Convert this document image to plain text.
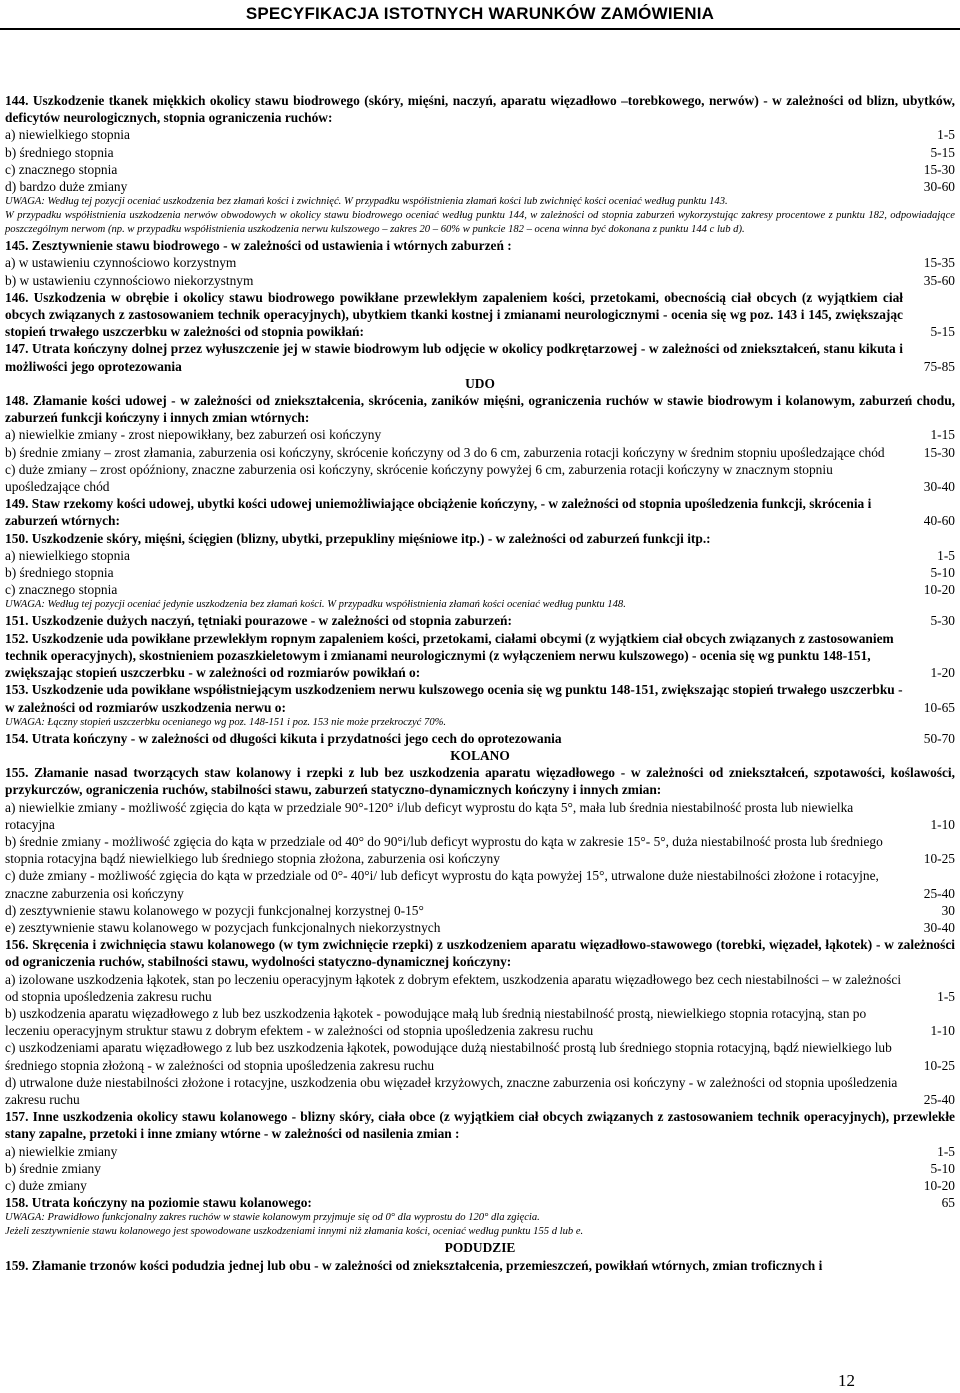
SPECYFIKACJA ISTOTNYCH WARUNKÓW ZAMÓWIENIA
144. Uszkodzenie tkanek miękkich okolicy stawu biodrowego (skóry, mięśni, naczyń, aparatu więzadłowo –torebkowego, nerwów) - w zależności od blizn, ubytków, deficytów neurologicznych, stopnia ograniczenia ruchów:
a) niewielkiego stopnia	1-5
b) średniego stopnia	5-15
c) znacznego stopnia	15-30
d) bardzo duże zmiany	30-60
UWAGA: Według tej pozycji oceniać uszkodzenia bez złamań kości i zwichnięć. W przypadku współistnienia złamań kości lub zwichnięć kości oceniać według punktu 143.
W przypadku współistnienia uszkodzenia nerwów obwodowych w okolicy stawu biodrowego oceniać według punktu 144, w zależności od stopnia zaburzeń wykorzystując zakresy procentowe z punktu 182, odpowiadające poszczególnym nerwom (np. w przypadku współistnienia uszkodzenia nerwu kulszowego – zakres 20 – 60% w punkcie 182 – ocena winna być dokonana z punktu 144 c lub d).
145. Zesztywnienie stawu biodrowego - w zależności od ustawienia i wtórnych zaburzeń :
a) w ustawieniu czynnościowo korzystnym	15-35
b) w ustawieniu czynnościowo niekorzystnym	35-60
146. Uszkodzenia w obrębie i okolicy stawu biodrowego powikłane przewlekłym zapaleniem kości, przetokami, obecnością ciał obcych (z wyjątkiem ciał obcych związanych z zastosowaniem technik operacyjnych), ubytkiem tkanki kostnej i zmianami neurologicznymi - ocenia się wg poz. 143 i 145, zwiększając stopień trwałego uszczerbku w zależności od stopnia powikłań:	5-15
147. Utrata kończyny dolnej przez wyłuszczenie jej w stawie biodrowym lub odjęcie w okolicy podkrętarzowej - w zależności od zniekształceń, stanu kikuta i możliwości jego oprotezowania	75-85
UDO
148. Złamanie kości udowej - w zależności od zniekształcenia, skrócenia, zaników mięśni, ograniczenia ruchów w stawie biodrowym i kolanowym, zaburzeń chodu, zaburzeń funkcji kończyny i innych zmian wtórnych:
a) niewielkie zmiany - zrost niepowikłany, bez zaburzeń osi kończyny	1-15
b) średnie zmiany – zrost złamania, zaburzenia osi kończyny, skrócenie kończyny od 3 do 6 cm, zaburzenia rotacji kończyny w średnim stopniu upośledzające chód	15-30
c) duże zmiany – zrost opóźniony, znaczne zaburzenia osi kończyny, skrócenie kończyny powyżej 6 cm, zaburzenia rotacji kończyny w znacznym stopniu upośledzające chód	30-40
149. Staw rzekomy kości udowej, ubytki kości udowej uniemożliwiające obciążenie kończyny, - w zależności od stopnia upośledzenia funkcji, skrócenia i zaburzeń wtórnych:	40-60
150. Uszkodzenie skóry, mięśni, ścięgien (blizny, ubytki, przepukliny mięśniowe itp.) - w zależności od zaburzeń funkcji itp.:
a) niewielkiego stopnia	1-5
b) średniego stopnia	5-10
c) znacznego stopnia	10-20
UWAGA: Według tej pozycji oceniać jedynie uszkodzenia bez złamań kości. W przypadku współistnienia złamań kości oceniać według punktu 148.
151. Uszkodzenie dużych naczyń, tętniaki pourazowe - w zależności od stopnia zaburzeń:	5-30
152. Uszkodzenie uda powikłane przewlekłym ropnym zapaleniem kości, przetokami, ciałami obcymi (z wyjątkiem ciał obcych związanych z zastosowaniem technik operacyjnych), skostnieniem pozaszkieletowym i zmianami neurologicznymi (z wyłączeniem nerwu kulszowego) - ocenia się wg punktu 148-151, zwiększając stopień uszczerbku - w zależności od rozmiarów powikłań o:	1-20
153. Uszkodzenie uda powikłane współistniejącym uszkodzeniem nerwu kulszowego ocenia się wg punktu 148-151, zwiększając stopień trwałego uszczerbku - w zależności od rozmiarów uszkodzenia nerwu o:	10-65
UWAGA: Łączny stopień uszczerbku ocenianego wg poz. 148-151 i poz. 153 nie może przekroczyć 70%.
154. Utrata kończyny - w zależności od długości kikuta i przydatności jego cech do oprotezowania	50-70
KOLANO
155. Złamanie nasad tworzących staw kolanowy i rzepki z lub bez uszkodzenia aparatu więzadłowego - w zależności od zniekształceń, szpotawości, koślawości, przykurczów, ograniczenia ruchów, stabilności stawu, zaburzeń statyczno-dynamicznych kończyny i innych zmian:
a) niewielkie zmiany - możliwość zgięcia do kąta w przedziale 90°-120° i/lub deficyt wyprostu do kąta 5°, mała lub średnia niestabilność prosta lub niewielka rotacyjna	1-10
b) średnie zmiany - możliwość zgięcia do kąta w przedziale od 40° do 90°i/lub deficyt wyprostu do kąta w zakresie 15°- 5°, duża niestabilność prosta lub średniego stopnia rotacyjna bądź niewielkiego lub średniego stopnia złożona, zaburzenia osi kończyny	10-25
c) duże zmiany - możliwość zgięcia do kąta w przedziale od 0°- 40°i/ lub deficyt wyprostu do kąta powyżej 15°, utrwalone duże niestabilności złożone i rotacyjne, znaczne zaburzenia osi kończyny	25-40
d) zesztywnienie stawu kolanowego w pozycji funkcjonalnej korzystnej 0-15°	30
e) zesztywnienie stawu kolanowego w pozycjach funkcjonalnych niekorzystnych	30-40
156. Skręcenia i zwichnięcia stawu kolanowego (w tym zwichnięcie rzepki) z uszkodzeniem aparatu więzadłowo-stawowego (torebki, więzadeł, łąkotek) - w zależności od ograniczenia ruchów, stabilności stawu, wydolności statyczno-dynamicznej kończyny:
a) izolowane uszkodzenia łąkotek, stan po leczeniu operacyjnym łąkotek z dobrym efektem, uszkodzenia aparatu więzadłowego bez cech niestabilności – w zależności od stopnia upośledzenia zakresu ruchu	1-5
b) uszkodzenia aparatu więzadłowego z lub bez uszkodzenia łąkotek - powodujące małą lub średnią niestabilność prostą, niewielkiego stopnia rotacyjną, stan po leczeniu operacyjnym struktur stawu z dobrym efektem - w zależności od stopnia upośledzenia zakresu ruchu	1-10
c) uszkodzeniami aparatu więzadłowego z lub bez uszkodzenia łąkotek, powodujące dużą niestabilność prostą lub średniego stopnia rotacyjną, bądź niewielkiego lub średniego stopnia złożoną - w zależności od stopnia upośledzenia zakresu ruchu	10-25
d) utrwalone duże niestabilności złożone i rotacyjne, uszkodzenia obu więzadeł krzyżowych, znaczne zaburzenia osi kończyny - w zależności od stopnia upośledzenia zakresu ruchu	25-40
157. Inne uszkodzenia okolicy stawu kolanowego - blizny skóry, ciała obce (z wyjątkiem ciał obcych związanych z zastosowaniem technik operacyjnych), przewlekłe stany zapalne, przetoki i inne zmiany wtórne - w zależności od nasilenia zmian :
a) niewielkie zmiany	1-5
b) średnie zmiany	5-10
c) duże zmiany	10-20
158. Utrata kończyny na poziomie stawu kolanowego:	65
UWAGA: Prawidłowo funkcjonalny zakres ruchów w stawie kolanowym przyjmuje się od 0° dla wyprostu do 120° dla zgięcia.
Jeżeli zesztywnienie stawu kolanowego jest spowodowane uszkodzeniami innymi niż złamania kości, oceniać według punktu 155 d lub e.
PODUDZIE
159. Złamanie trzonów kości podudzia jednej lub obu - w zależności od zniekształcenia, przemieszczeń, powikłań wtórnych, zmian troficznych i
12
